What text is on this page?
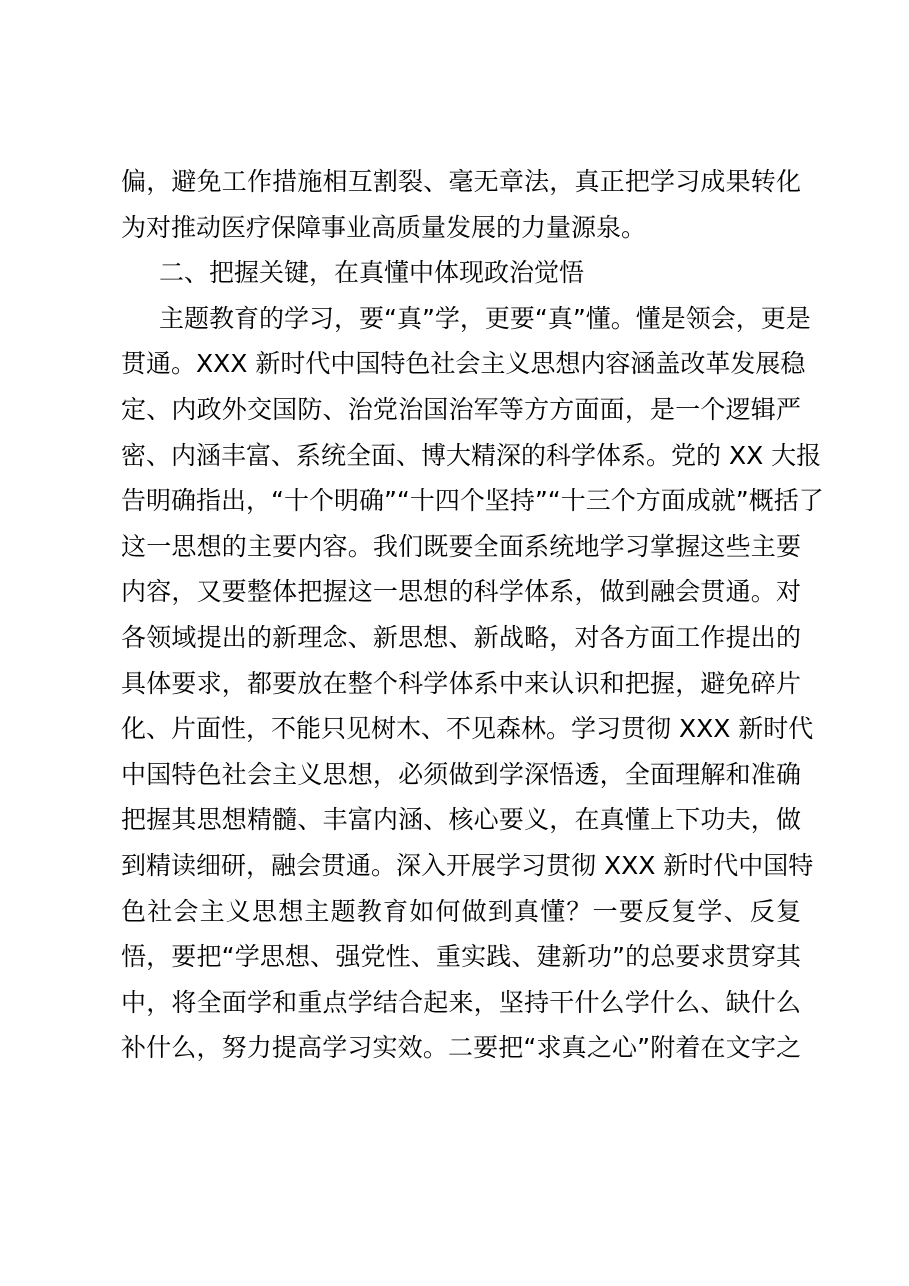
偏，避免工作措施相互割裂、毫无章法，真正把学习成果转化
为对推动医疗保障事业高质量发展的力量源泉。
二、把握关键，在真懂中体现政治觉悟
主题教育的学习，要“真”学，更要“真”懂。懂是领会，更是
贯通。XXX 新时代中国特色社会主义思想内容涵盖改革发展稳
定、内政外交国防、治党治国治军等方方面面，是一个逻辑严
密、内涵丰富、系统全面、博大精深的科学体系。党的 XX 大报
告明确指出，“十个明确”“十四个坚持”“十三个方面成就”概括了
这一思想的主要内容。我们既要全面系统地学习掌握这些主要
内容，又要整体把握这一思想的科学体系，做到融会贯通。对
各领域提出的新理念、新思想、新战略，对各方面工作提出的
具体要求，都要放在整个科学体系中来认识和把握，避免碎片
化、片面性，不能只见树木、不见森林。学习贯彻 XXX 新时代
中国特色社会主义思想，必须做到学深悟透，全面理解和准确
把握其思想精髓、丰富内涵、核心要义，在真懂上下功夫，做
到精读细研，融会贯通。深入开展学习贯彻 XXX 新时代中国特
色社会主义思想主题教育如何做到真懂？一要反复学、反复
悟，要把“学思想、强党性、重实践、建新功”的总要求贯穿其
中，将全面学和重点学结合起来，坚持干什么学什么、缺什么
补什么，努力提高学习实效。二要把“求真之心”附着在文字之
